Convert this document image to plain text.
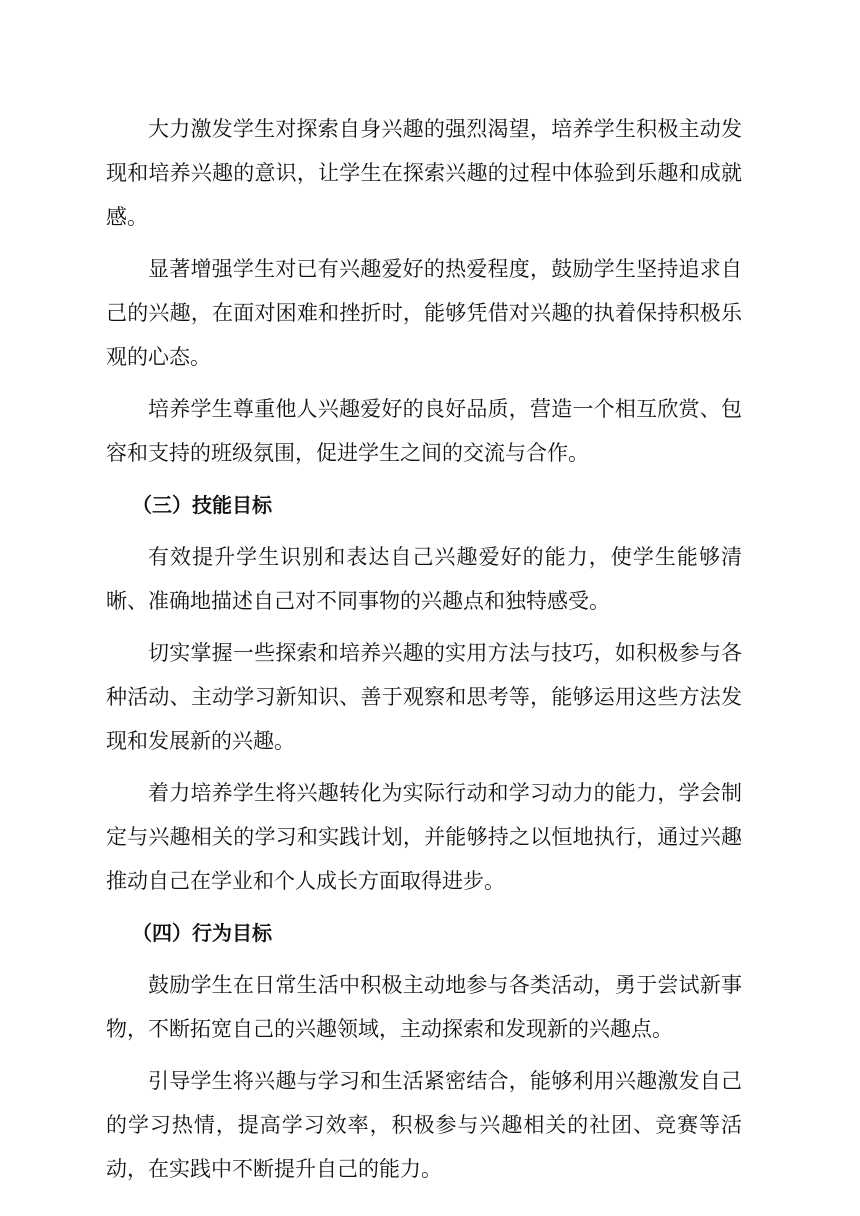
大力激发学生对探索自身兴趣的强烈渴望，培养学生积极主动发现和培养兴趣的意识，让学生在探索兴趣的过程中体验到乐趣和成就感。

显著增强学生对已有兴趣爱好的热爱程度，鼓励学生坚持追求自己的兴趣，在面对困难和挫折时，能够凭借对兴趣的执着保持积极乐观的心态。

培养学生尊重他人兴趣爱好的良好品质，营造一个相互欣赏、包容和支持的班级氛围，促进学生之间的交流与合作。

（三）技能目标

有效提升学生识别和表达自己兴趣爱好的能力，使学生能够清晰、准确地描述自己对不同事物的兴趣点和独特感受。

切实掌握一些探索和培养兴趣的实用方法与技巧，如积极参与各种活动、主动学习新知识、善于观察和思考等，能够运用这些方法发现和发展新的兴趣。

着力培养学生将兴趣转化为实际行动和学习动力的能力，学会制定与兴趣相关的学习和实践计划，并能够持之以恒地执行，通过兴趣推动自己在学业和个人成长方面取得进步。

（四）行为目标

鼓励学生在日常生活中积极主动地参与各类活动，勇于尝试新事物，不断拓宽自己的兴趣领域，主动探索和发现新的兴趣点。

引导学生将兴趣与学习和生活紧密结合，能够利用兴趣激发自己的学习热情，提高学习效率，积极参与兴趣相关的社团、竞赛等活动，在实践中不断提升自己的能力。
